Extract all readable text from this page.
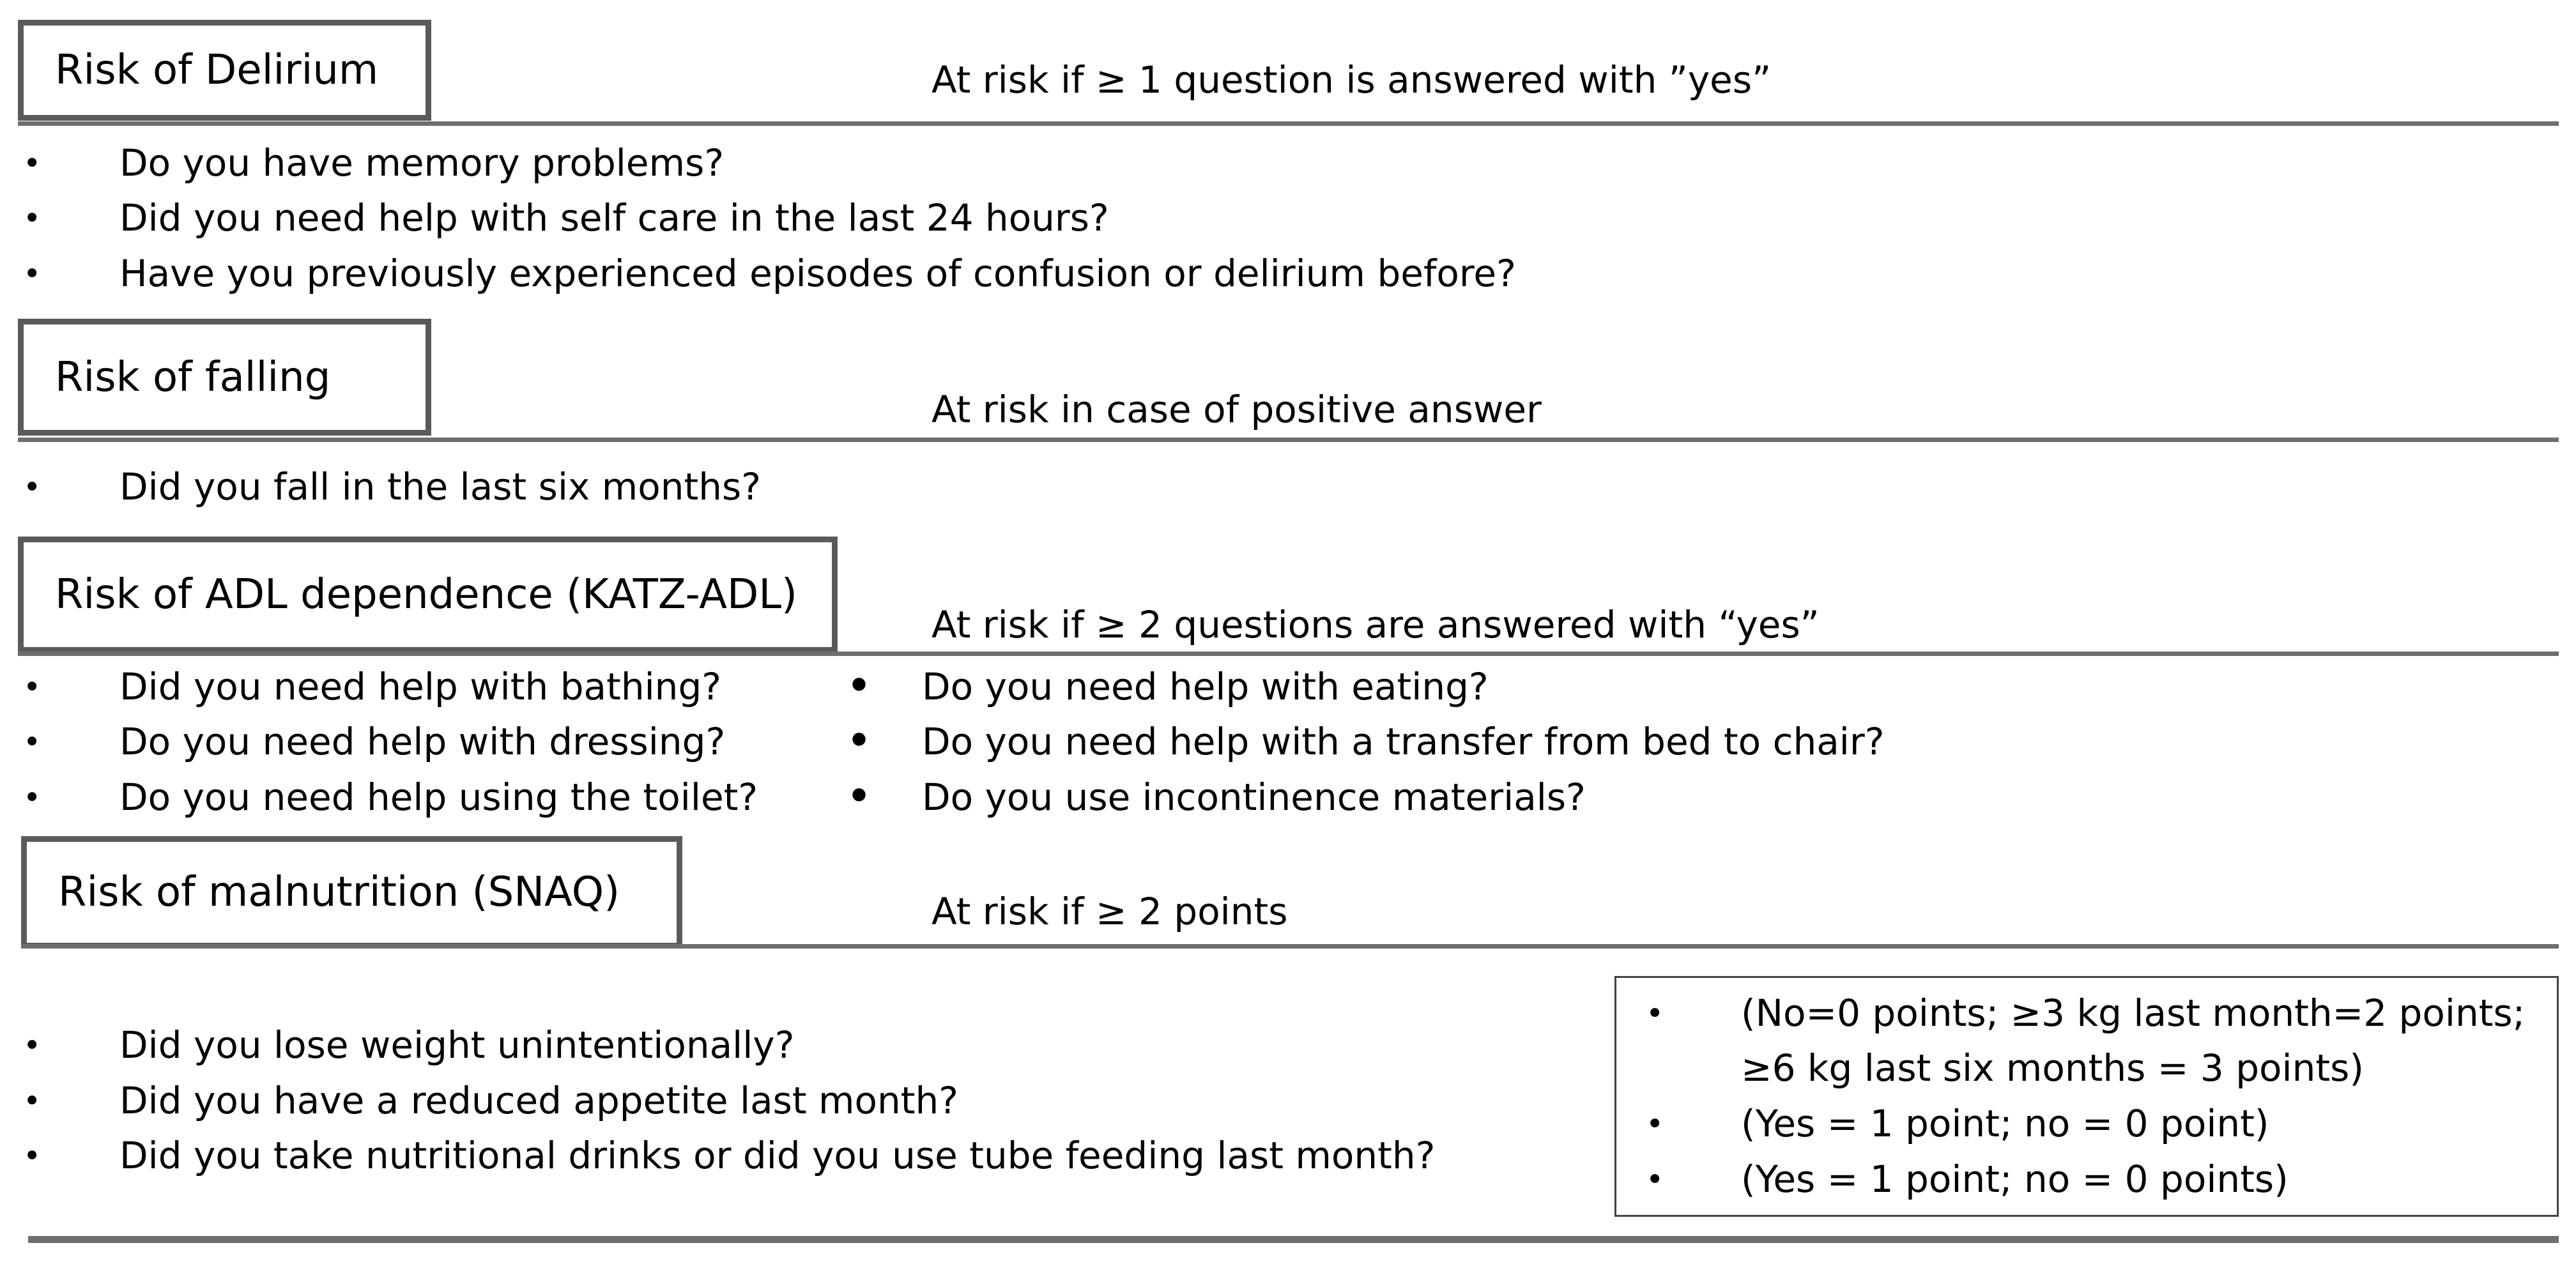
Risk of Delirium	At risk if ≥ 1 question is answered with ”yes”
• Do you have memory problems?
• Did you need help with self care in the last 24 hours?
• Have you previously experienced episodes of confusion or delirium before?
Risk of falling
At risk in case of positive answer
• Did you fall in the last six months?
Risk of ADL dependence (KATZ-ADL)
At risk if ≥ 2 questions are answered with “yes”
• Did you need help with bathing?
• Do you need help with dressing?
• Do you need help using the toilet?
• Do you need help with eating?
• Do you need help with a transfer from bed to chair?
• Do you use incontinence materials?
Risk of malnutrition (SNAQ)	At risk if ≥ 2 points
• Did you lose weight unintentionally?
• Did you have a reduced appetite last month?
• Did you take nutritional drinks or did you use tube feeding last month?
• (No=0 points; ≥3 kg last month=2 points;
≥6 kg last six months = 3 points)
• (Yes = 1 point; no = 0 point)
• (Yes = 1 point; no = 0 points)
